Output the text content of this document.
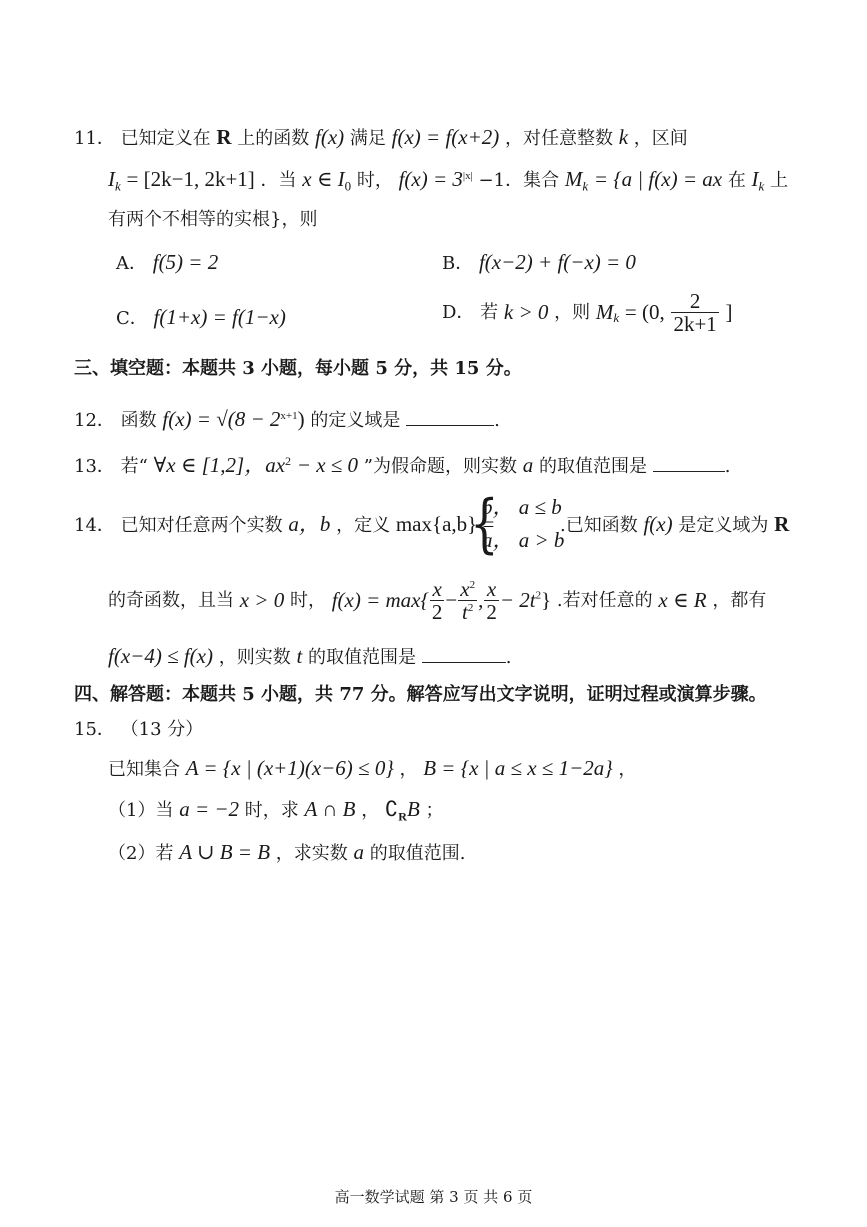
11． 已知定义在 R 上的函数 f(x) 满足 f(x) = f(x+2) ，对任意整数 k ，区间
$I_k = [2k-1$, 2k+1] ．当 x ∈ $I_0$ 时， $f(x) = 3^{|x|} -1$．集合 $M_k = \{a$ | f(x) = ax 在 $I_k$ 上
有两个不相等的实根}，则
A． f(5) = 2	B． f(x−2) + f(−x) = 0
C． f(1+x) = f(1−x)	D． 若 k > 0 ，则 $M_k = (0$, $\frac{2}{2k+1}$ ]
三、填空题：本题共 3 小题，每小题 5 分，共 15 分。
12． 函数 $f(x) = √(8 - 2^{x+1})$ 的定义域是	.
13． 若“ ∀x ∈ [1,2]，$ax^2 - x \le 0$ ”为假命题，则实数 a 的取值范围是	.
14． 已知对任意两个实数 a，b ，定义 max{a,b} =
{
b， a ≤ b
a， a > b
.已知函数 f(x) 是定义域为 R
的奇函数，且当 x > 0 时， $f(x) = \max\{ \frac{x}{2} - \frac{x^2}{t^2}$ , $\frac{x}{2} - 2t^2$} .若对任意的 x ∈ R ，都有
f(x−4) ≤ f(x) ，则实数 t 的取值范围是	.
四、解答题：本题共 5 小题，共 77 分。解答应写出文字说明，证明过程或演算步骤。
15． （13 分）
已知集合 A = {x | (x+1)(x−6) ≤ 0} ， B = {x | a ≤ x ≤ 1−2a} ，
（1）当 a = −2 时，求 A ∩ B ， $∁_RB$ ；
（2）若 A ∪ B = B ，求实数 a 的取值范围.
高一数学试题 第 3 页 共 6 页
